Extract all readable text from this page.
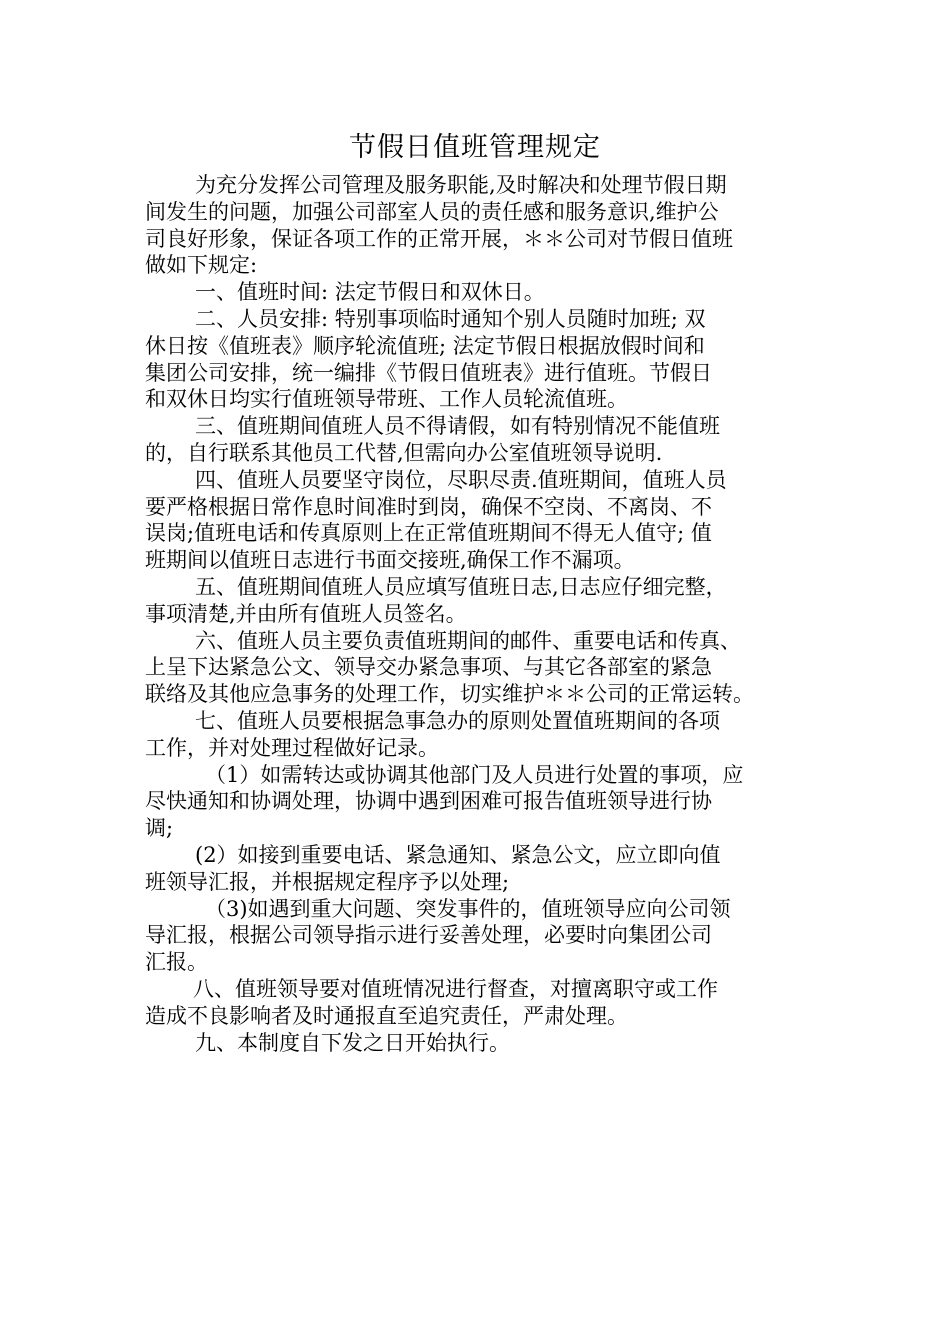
节假日值班管理规定
为充分发挥公司管理及服务职能,及时解决和处理节假日期
间发生的问题，加强公司部室人员的责任感和服务意识,维护公
司良好形象，保证各项工作的正常开展，＊＊公司对节假日值班
做如下规定:
一、值班时间: 法定节假日和双休日。
二、人员安排: 特别事项临时通知个别人员随时加班; 双
休日按《值班表》顺序轮流值班; 法定节假日根据放假时间和
集团公司安排，统一编排《节假日值班表》进行值班。节假日
和双休日均实行值班领导带班、工作人员轮流值班。
三、值班期间值班人员不得请假，如有特别情况不能值班
的，自行联系其他员工代替,但需向办公室值班领导说明.
四、值班人员要坚守岗位，尽职尽责.值班期间，值班人员
要严格根据日常作息时间准时到岗，确保不空岗、不离岗、不
误岗;值班电话和传真原则上在正常值班期间不得无人值守; 值
班期间以值班日志进行书面交接班,确保工作不漏项。
五、值班期间值班人员应填写值班日志,日志应仔细完整，
事项清楚,并由所有值班人员签名。
六、值班人员主要负责值班期间的邮件、重要电话和传真、
上呈下达紧急公文、领导交办紧急事项、与其它各部室的紧急
联络及其他应急事务的处理工作，切实维护＊＊公司的正常运转。
七、值班人员要根据急事急办的原则处置值班期间的各项
工作，并对处理过程做好记录。
（1）如需转达或协调其他部门及人员进行处置的事项，应
尽快通知和协调处理，协调中遇到困难可报告值班领导进行协
调;
(2）如接到重要电话、紧急通知、紧急公文，应立即向值
班领导汇报，并根据规定程序予以处理;
（3)如遇到重大问题、突发事件的，值班领导应向公司领
导汇报，根据公司领导指示进行妥善处理，必要时向集团公司
汇报。
八、值班领导要对值班情况进行督查，对擅离职守或工作
造成不良影响者及时通报直至追究责任，严肃处理。
九、本制度自下发之日开始执行。
